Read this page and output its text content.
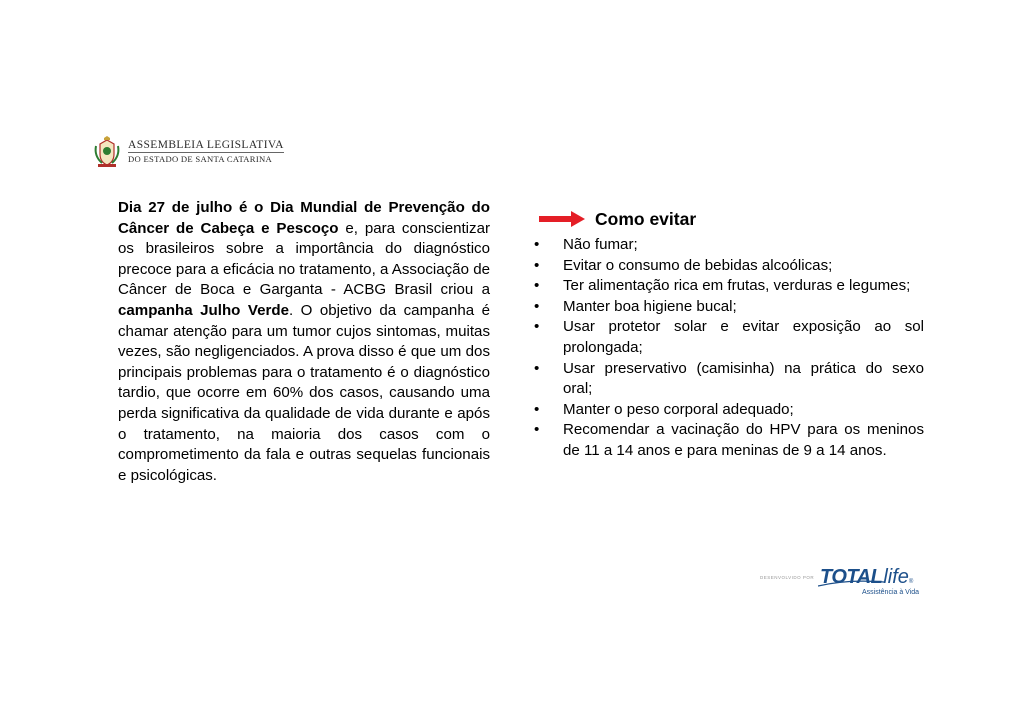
ASSEMBLEIA LEGISLATIVA
DO ESTADO DE SANTA CATARINA
Dia 27 de julho é o Dia Mundial de Prevenção do Câncer de Cabeça e Pescoço e, para conscientizar os brasileiros sobre a importância do diagnóstico precoce para a eficácia no tratamento, a Associação de Câncer de Boca e Garganta - ACBG Brasil criou a campanha Julho Verde. O objetivo da campanha é chamar atenção para um tumor cujos sintomas, muitas vezes, são negligenciados. A prova disso é que um dos principais problemas para o tratamento é o diagnóstico tardio, que ocorre em 60% dos casos, causando uma perda significativa da qualidade de vida durante e após o tratamento, na maioria dos casos com o comprometimento da fala e outras sequelas funcionais e psicológicas.
Como evitar
• Não fumar;
• Evitar o consumo de bebidas alcoólicas;
• Ter alimentação rica em frutas, verduras e legumes;
• Manter boa higiene bucal;
• Usar protetor solar e evitar exposição ao sol prolongada;
• Usar preservativo (camisinha) na prática do sexo oral;
• Manter o peso corporal adequado;
• Recomendar a vacinação do HPV para os meninos de 11 a 14 anos e para meninas de 9 a 14 anos.
DESENVOLVIDO POR TOTAL life ®
Assistência à Vida
